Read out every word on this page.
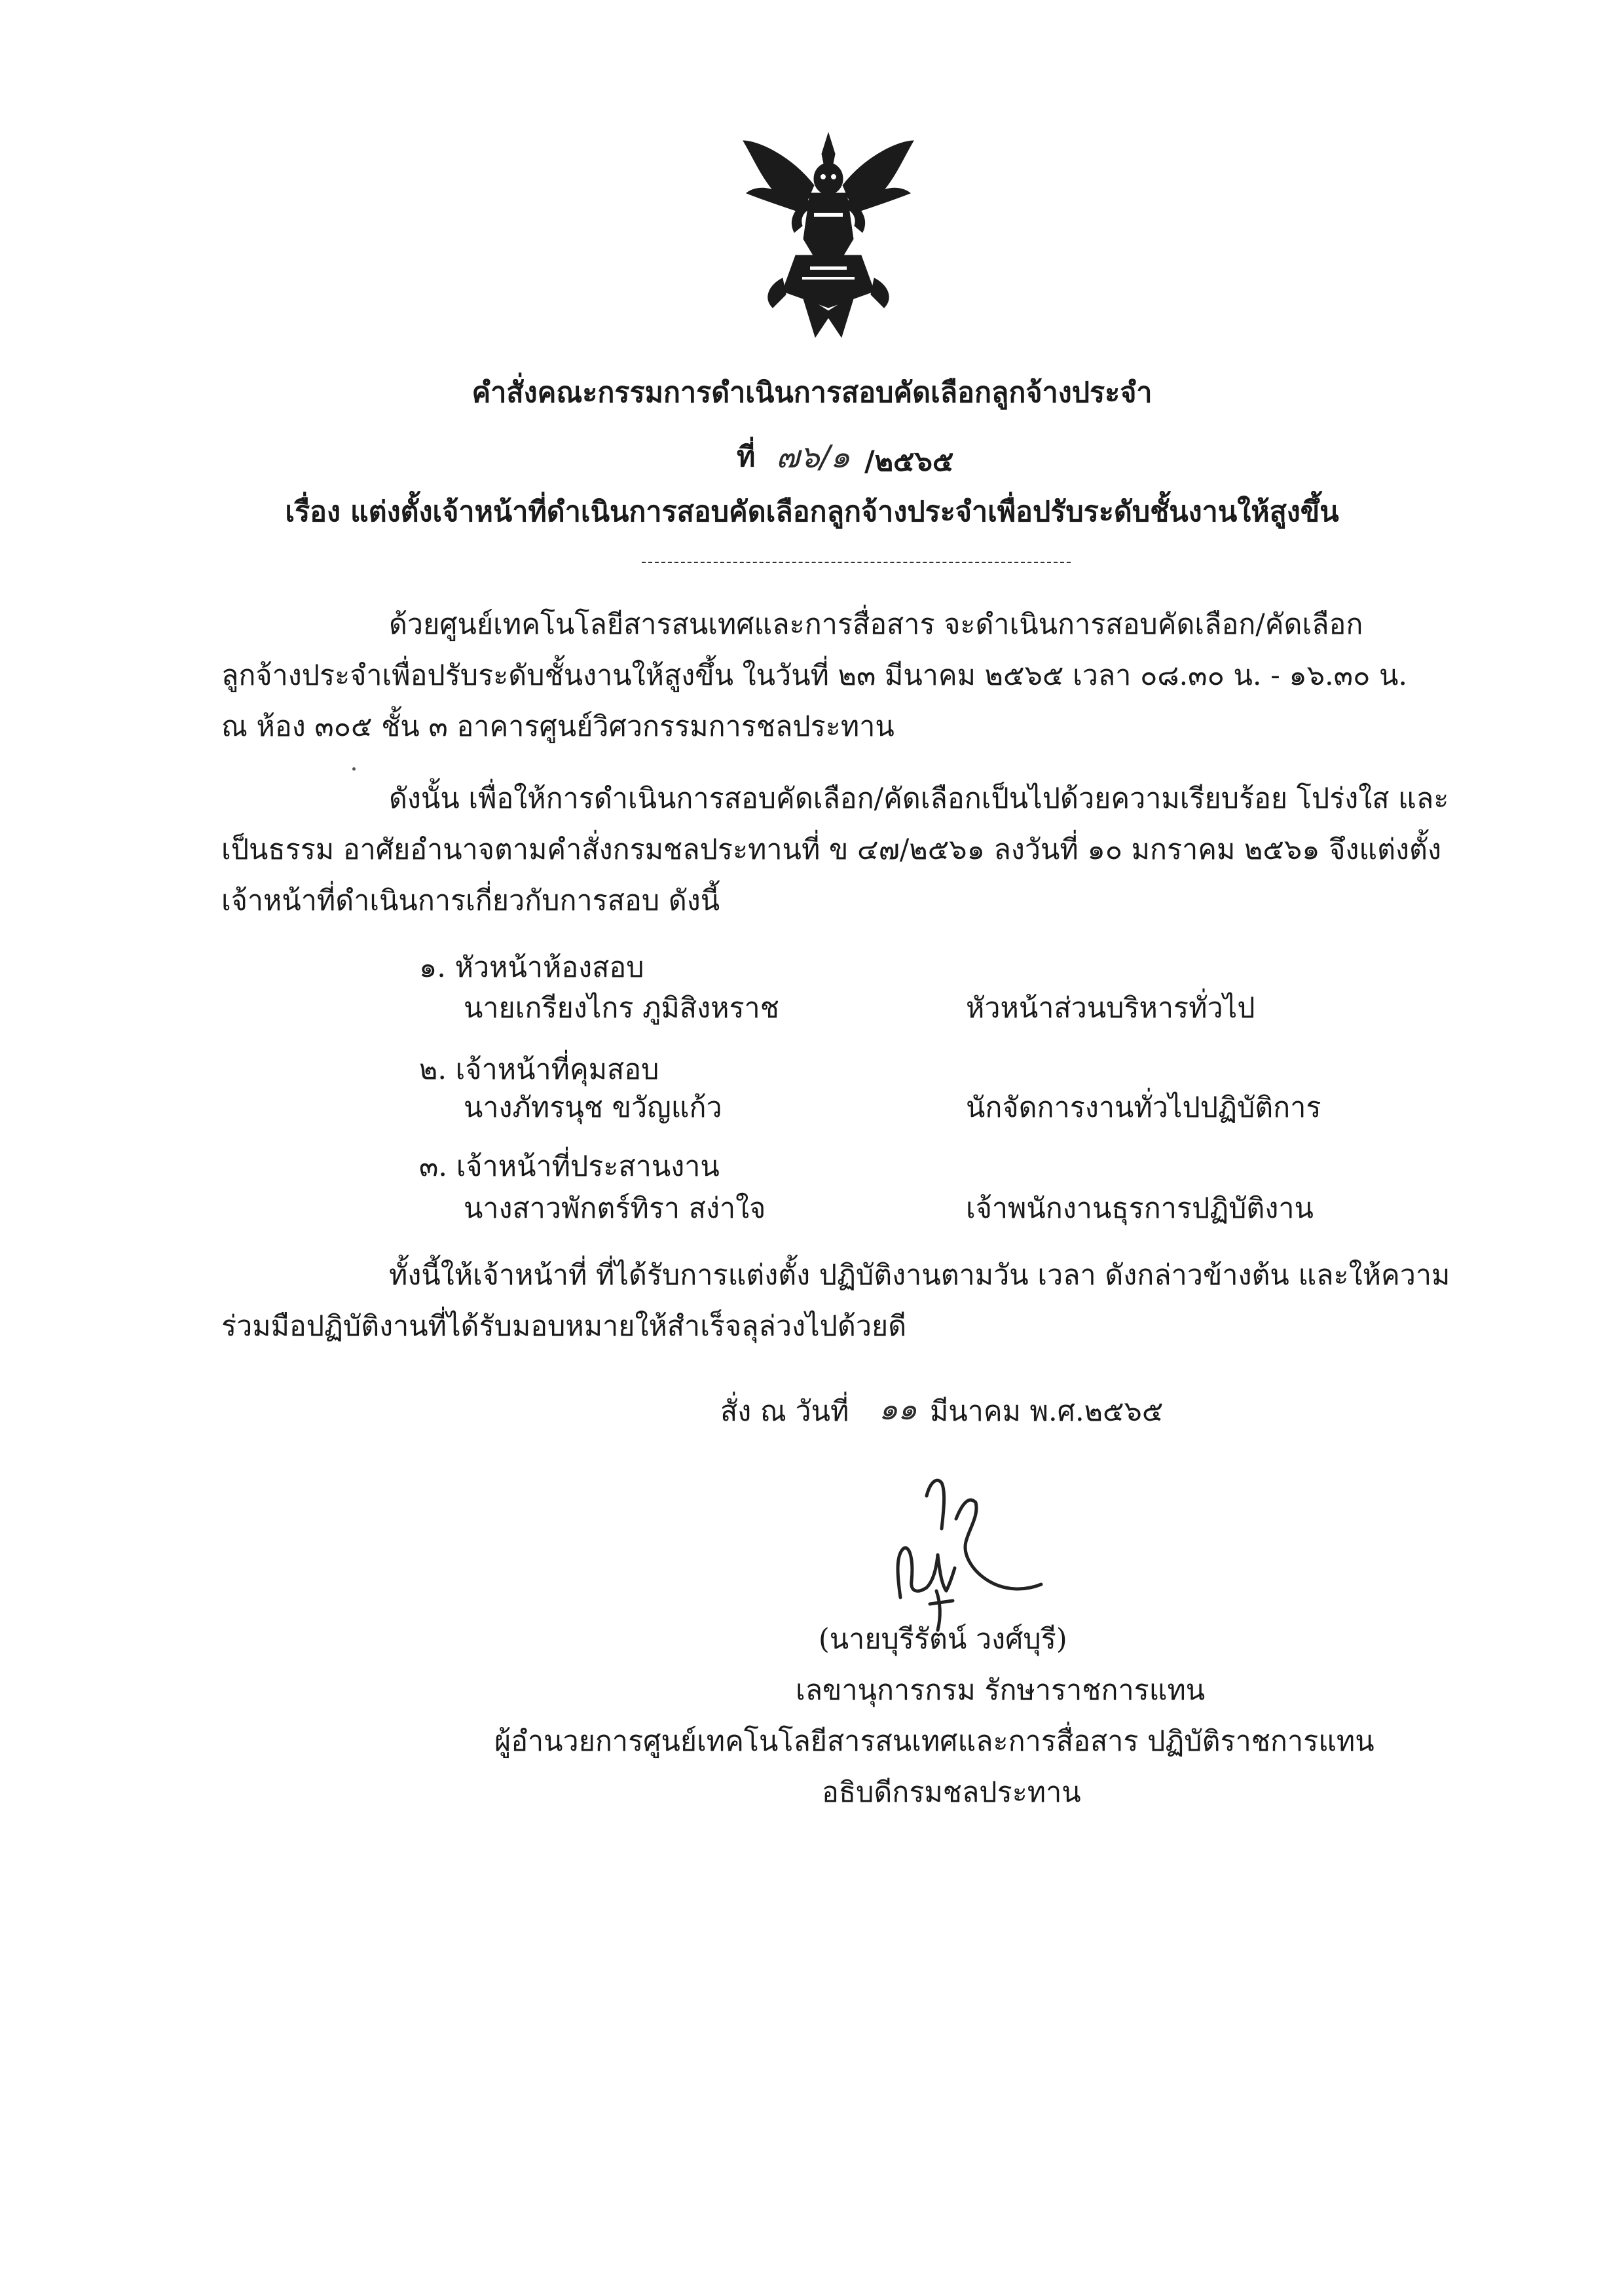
คำสั่งคณะกรรมการดำเนินการสอบคัดเลือกลูกจ้างประจำ
ที่ ๗๖/๑ /๒๕๖๕
เรื่อง แต่งตั้งเจ้าหน้าที่ดำเนินการสอบคัดเลือกลูกจ้างประจำเพื่อปรับระดับชั้นงานให้สูงขึ้น
ด้วยศูนย์เทคโนโลยีสารสนเทศและการสื่อสาร จะดำเนินการสอบคัดเลือก/คัดเลือก
ลูกจ้างประจำเพื่อปรับระดับชั้นงานให้สูงขึ้น ในวันที่ ๒๓ มีนาคม ๒๕๖๕ เวลา ๐๘.๓๐ น. - ๑๖.๓๐ น.
ณ ห้อง ๓๐๕ ชั้น ๓ อาคารศูนย์วิศวกรรมการชลประทาน
ดังนั้น เพื่อให้การดำเนินการสอบคัดเลือก/คัดเลือกเป็นไปด้วยความเรียบร้อย โปร่งใส และ
เป็นธรรม อาศัยอำนาจตามคำสั่งกรมชลประทานที่ ข ๔๗/๒๕๖๑ ลงวันที่ ๑๐ มกราคม ๒๕๖๑ จึงแต่งตั้ง
เจ้าหน้าที่ดำเนินการเกี่ยวกับการสอบ ดังนี้
๑. หัวหน้าห้องสอบ
นายเกรียงไกร ภูมิสิงหราช	หัวหน้าส่วนบริหารทั่วไป
๒. เจ้าหน้าที่คุมสอบ
นางภัทรนุช ขวัญแก้ว	นักจัดการงานทั่วไปปฏิบัติการ
๓. เจ้าหน้าที่ประสานงาน
นางสาวพักตร์ทิรา สง่าใจ	เจ้าพนักงานธุรการปฏิบัติงาน
ทั้งนี้ให้เจ้าหน้าที่ ที่ได้รับการแต่งตั้ง ปฏิบัติงานตามวัน เวลา ดังกล่าวข้างต้น และให้ความ
ร่วมมือปฏิบัติงานที่ได้รับมอบหมายให้สำเร็จลุล่วงไปด้วยดี
สั่ง ณ วันที่ ๑๑ มีนาคม พ.ศ.๒๕๖๕
(นายบุรีรัตน์ วงศ์บุรี)
เลขานุการกรม รักษาราชการแทน
ผู้อำนวยการศูนย์เทคโนโลยีสารสนเทศและการสื่อสาร ปฏิบัติราชการแทน
อธิบดีกรมชลประทาน
